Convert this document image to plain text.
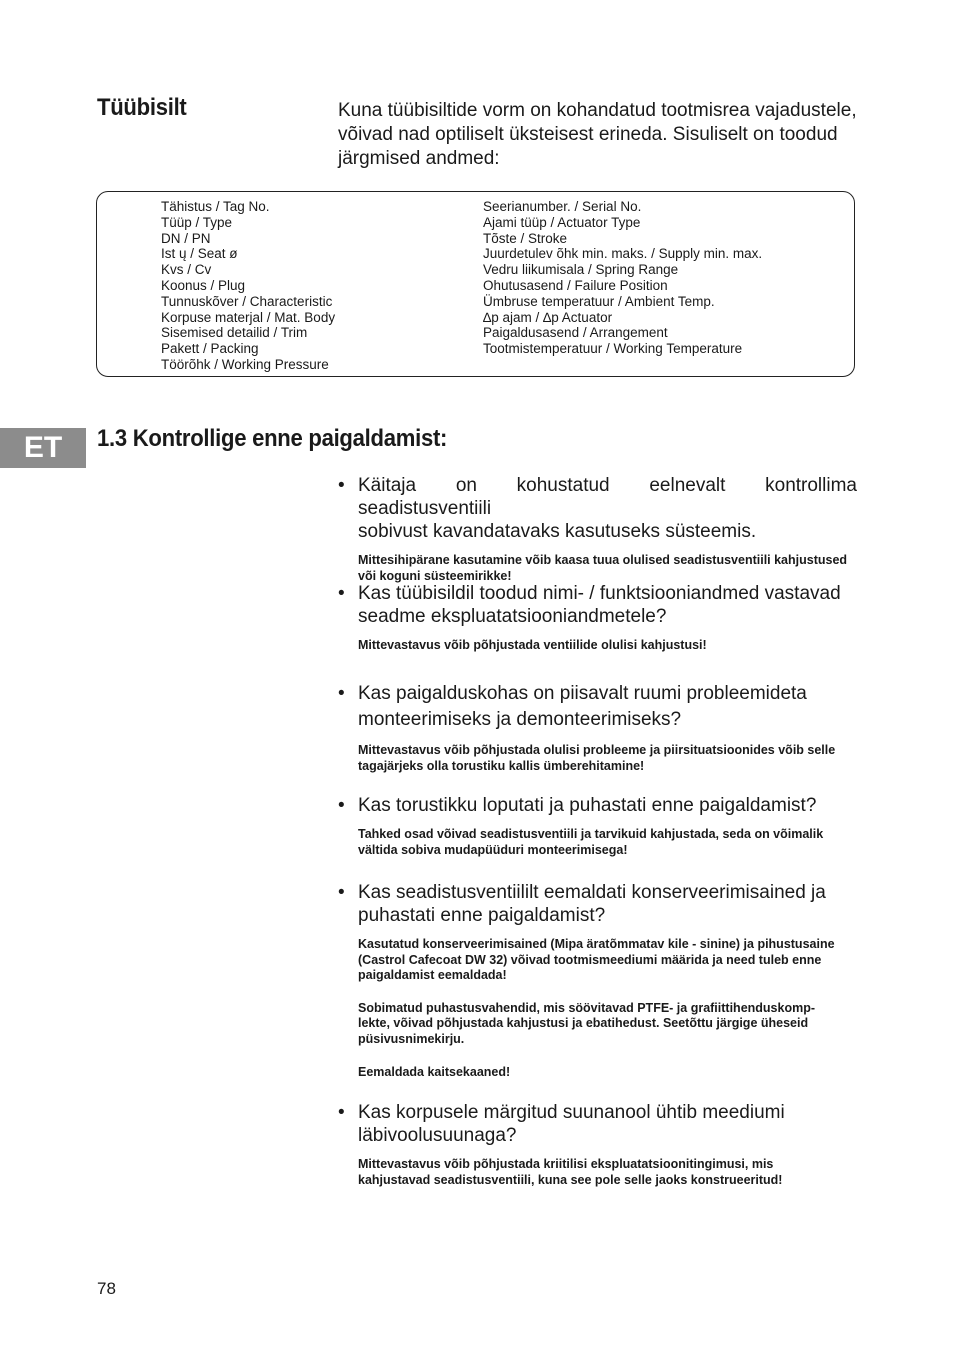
Tüübisilt	Kuna tüübisiltide vorm on kohandatud tootmisrea vajadustele,
võivad nad optiliselt üksteisest erineda. Sisuliselt on toodud
järgmised andmed:
Tähistus / Tag No.
Tüüp / Type
DN / PN
Ist ų / Seat ø
Kvs / Cv
Koonus / Plug
Tunnuskõver / Characteristic
Korpuse materjal / Mat. Body
Sisemised detailid / Trim
Pakett / Packing
Töörõhk / Working Pressure
Seerianumber. / Serial No.
Ajami tüüp / Actuator Type
Tõste / Stroke
Juurdetulev õhk min. maks. / Supply min. max.
Vedru liikumisala / Spring Range
Ohutusasend / Failure Position
Ümbruse temperatuur / Ambient Temp.
∆p ajam / ∆p Actuator
Paigaldusasend / Arrangement
Tootmistemperatuur / Working Temperature
ET	1.3 Kontrollige enne paigaldamist:
• Käitaja on kohustatud eelnevalt kontrollima seadistusventiili
sobivust kavandatavaks kasutuseks süsteemis.
Mittesihipärane kasutamine võib kaasa tuua olulised seadistusventiili kahjustused
või koguni süsteemirikke!
• Kas tüübisildil toodud nimi- / funktsiooniandmed vastavad
seadme ekspluatatsiooniandmetele?
Mittevastavus võib põhjustada ventiilide olulisi kahjustusi!
• Kas paigalduskohas on piisavalt ruumi probleemideta
monteerimiseks ja demonteerimiseks?
Mittevastavus võib põhjustada olulisi probleeme ja piirsituatsioonides võib selle
tagajärjeks olla torustiku kallis ümberehitamine!
• Kas torustikku loputati ja puhastati enne paigaldamist?
Tahked osad võivad seadistusventiili ja tarvikuid kahjustada, seda on võimalik
vältida sobiva mudapüüduri monteerimisega!
• Kas seadistusventiililt eemaldati konserveerimisained ja
puhastati enne paigaldamist?
Kasutatud konserveerimisained (Mipa äratõmmatav kile - sinine) ja pihustusaine
(Castrol Cafecoat DW 32) võivad tootmismeediumi määrida ja need tuleb enne
paigaldamist eemaldada!
Sobimatud puhastusvahendid, mis söövitavad PTFE- ja grafiittihenduskomp-
lekte, võivad põhjustada kahjustusi ja ebatihedust. Seetõttu järgige üheseid
püsivusnimekirju.
Eemaldada kaitsekaaned!
• Kas korpusele märgitud suunanool ühtib meediumi
läbivoolusuunaga?
Mittevastavus võib põhjustada kriitilisi ekspluatatsioonitingimusi, mis
kahjustavad seadistusventiili, kuna see pole selle jaoks konstrueeritud!
78
